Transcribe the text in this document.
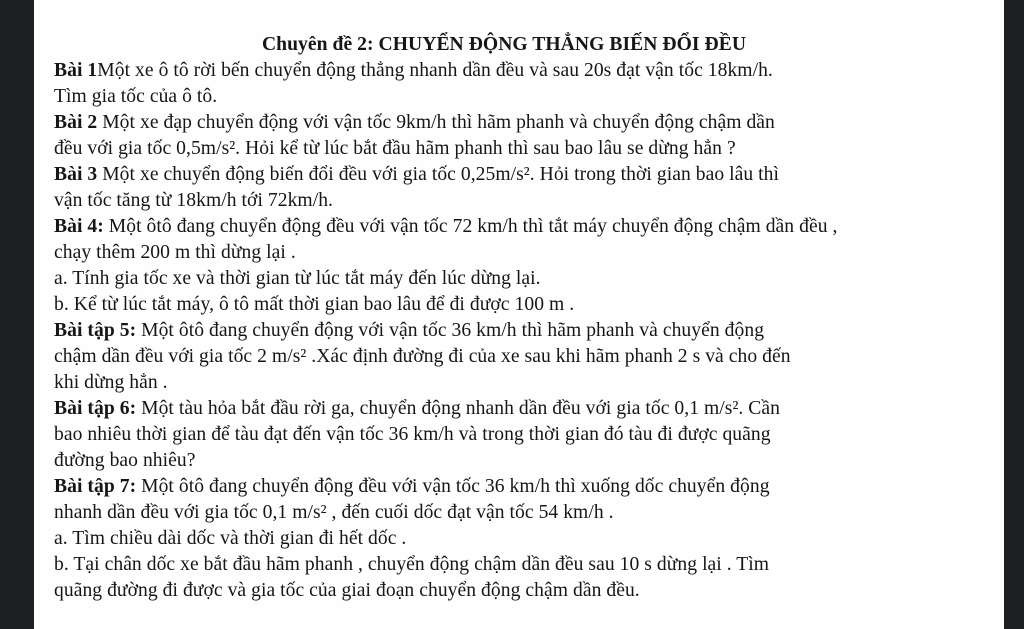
Chuyên đề 2: CHUYỂN ĐỘNG THẲNG BIẾN ĐỔI ĐỀU

Bài 1Một xe ô tô rời bến chuyển động thẳng nhanh dần đều và sau 20s đạt vận tốc 18km/h.

Tìm gia tốc của ô tô.

Bài 2 Một xe đạp chuyển động với vận tốc 9km/h thì hãm phanh và chuyển động chậm dần

đều với gia tốc 0,5m/s². Hỏi kể từ lúc bắt đầu hãm phanh thì sau bao lâu se dừng hẳn ?

Bài 3 Một xe chuyển động biến đổi đều với gia tốc 0,25m/s². Hỏi trong thời gian bao lâu thì

vận tốc tăng từ 18km/h tới 72km/h.

Bài 4: Một ôtô đang chuyển động đều với vận tốc 72 km/h thì tắt máy chuyển động chậm dần đều ,

chạy thêm 200 m thì dừng lại .

a. Tính gia tốc xe và thời gian từ lúc tắt máy đến lúc dừng lại.

b. Kể từ lúc tắt máy, ô tô mất thời gian bao lâu để đi được 100 m .

Bài tập 5: Một ôtô đang chuyển động với vận tốc 36 km/h thì hãm phanh và chuyển động

chậm dần đều với gia tốc 2 m/s² .Xác định đường đi của xe sau khi hãm phanh 2 s và cho đến

khi dừng hẳn .

Bài tập 6: Một tàu hỏa bắt đầu rời ga, chuyển động nhanh dần đều với gia tốc 0,1 m/s². Cần

bao nhiêu thời gian để tàu đạt đến vận tốc 36 km/h và trong thời gian đó tàu đi được quãng

đường bao nhiêu?

Bài tập 7: Một ôtô đang chuyển động đều với vận tốc 36 km/h thì xuống dốc chuyển động

nhanh dần đều với gia tốc 0,1 m/s² , đến cuối dốc đạt vận tốc 54 km/h .

a. Tìm chiều dài dốc và thời gian đi hết dốc .

b. Tại chân dốc xe bắt đầu hãm phanh , chuyển động chậm dần đều sau 10 s dừng lại . Tìm

quãng đường đi được và gia tốc của giai đoạn chuyển động chậm dần đều.
